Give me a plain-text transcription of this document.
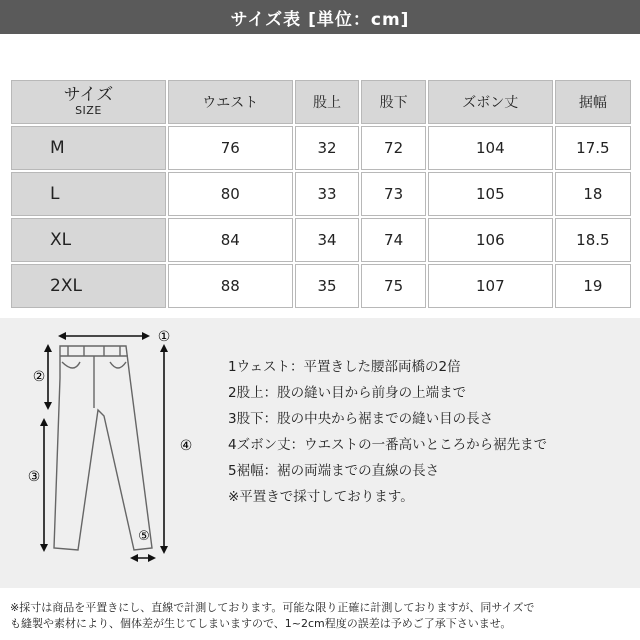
サイズ表 [単位：cm]
サイズ
SIZE	ウエスト	股上	股下	ズボン丈	据幅
M	76	32	72	104	17.5
L	80	33	73	105	18
XL	84	34	74	106	18.5
2XL	88	35	75	107	19
①
②
③
④
⑤
1ウェスト：平置きした腰部両橋の2倍
2股上：股の縫い目から前身の上端まで
3股下：股の中央から裾までの縫い目の長さ
4ズボン丈：ウエストの一番高いところから裾先まで
5裾幅：裾の両端までの直線の長さ
※平置きで採寸しております。
※採寸は商品を平置きにし、直線で計測しております。可能な限り正確に計測しておりますが、同サイズで
も縫製や素材により、個体差が生じてしまいますので、1~2cm程度の誤差は予めご了承下さいませ。
